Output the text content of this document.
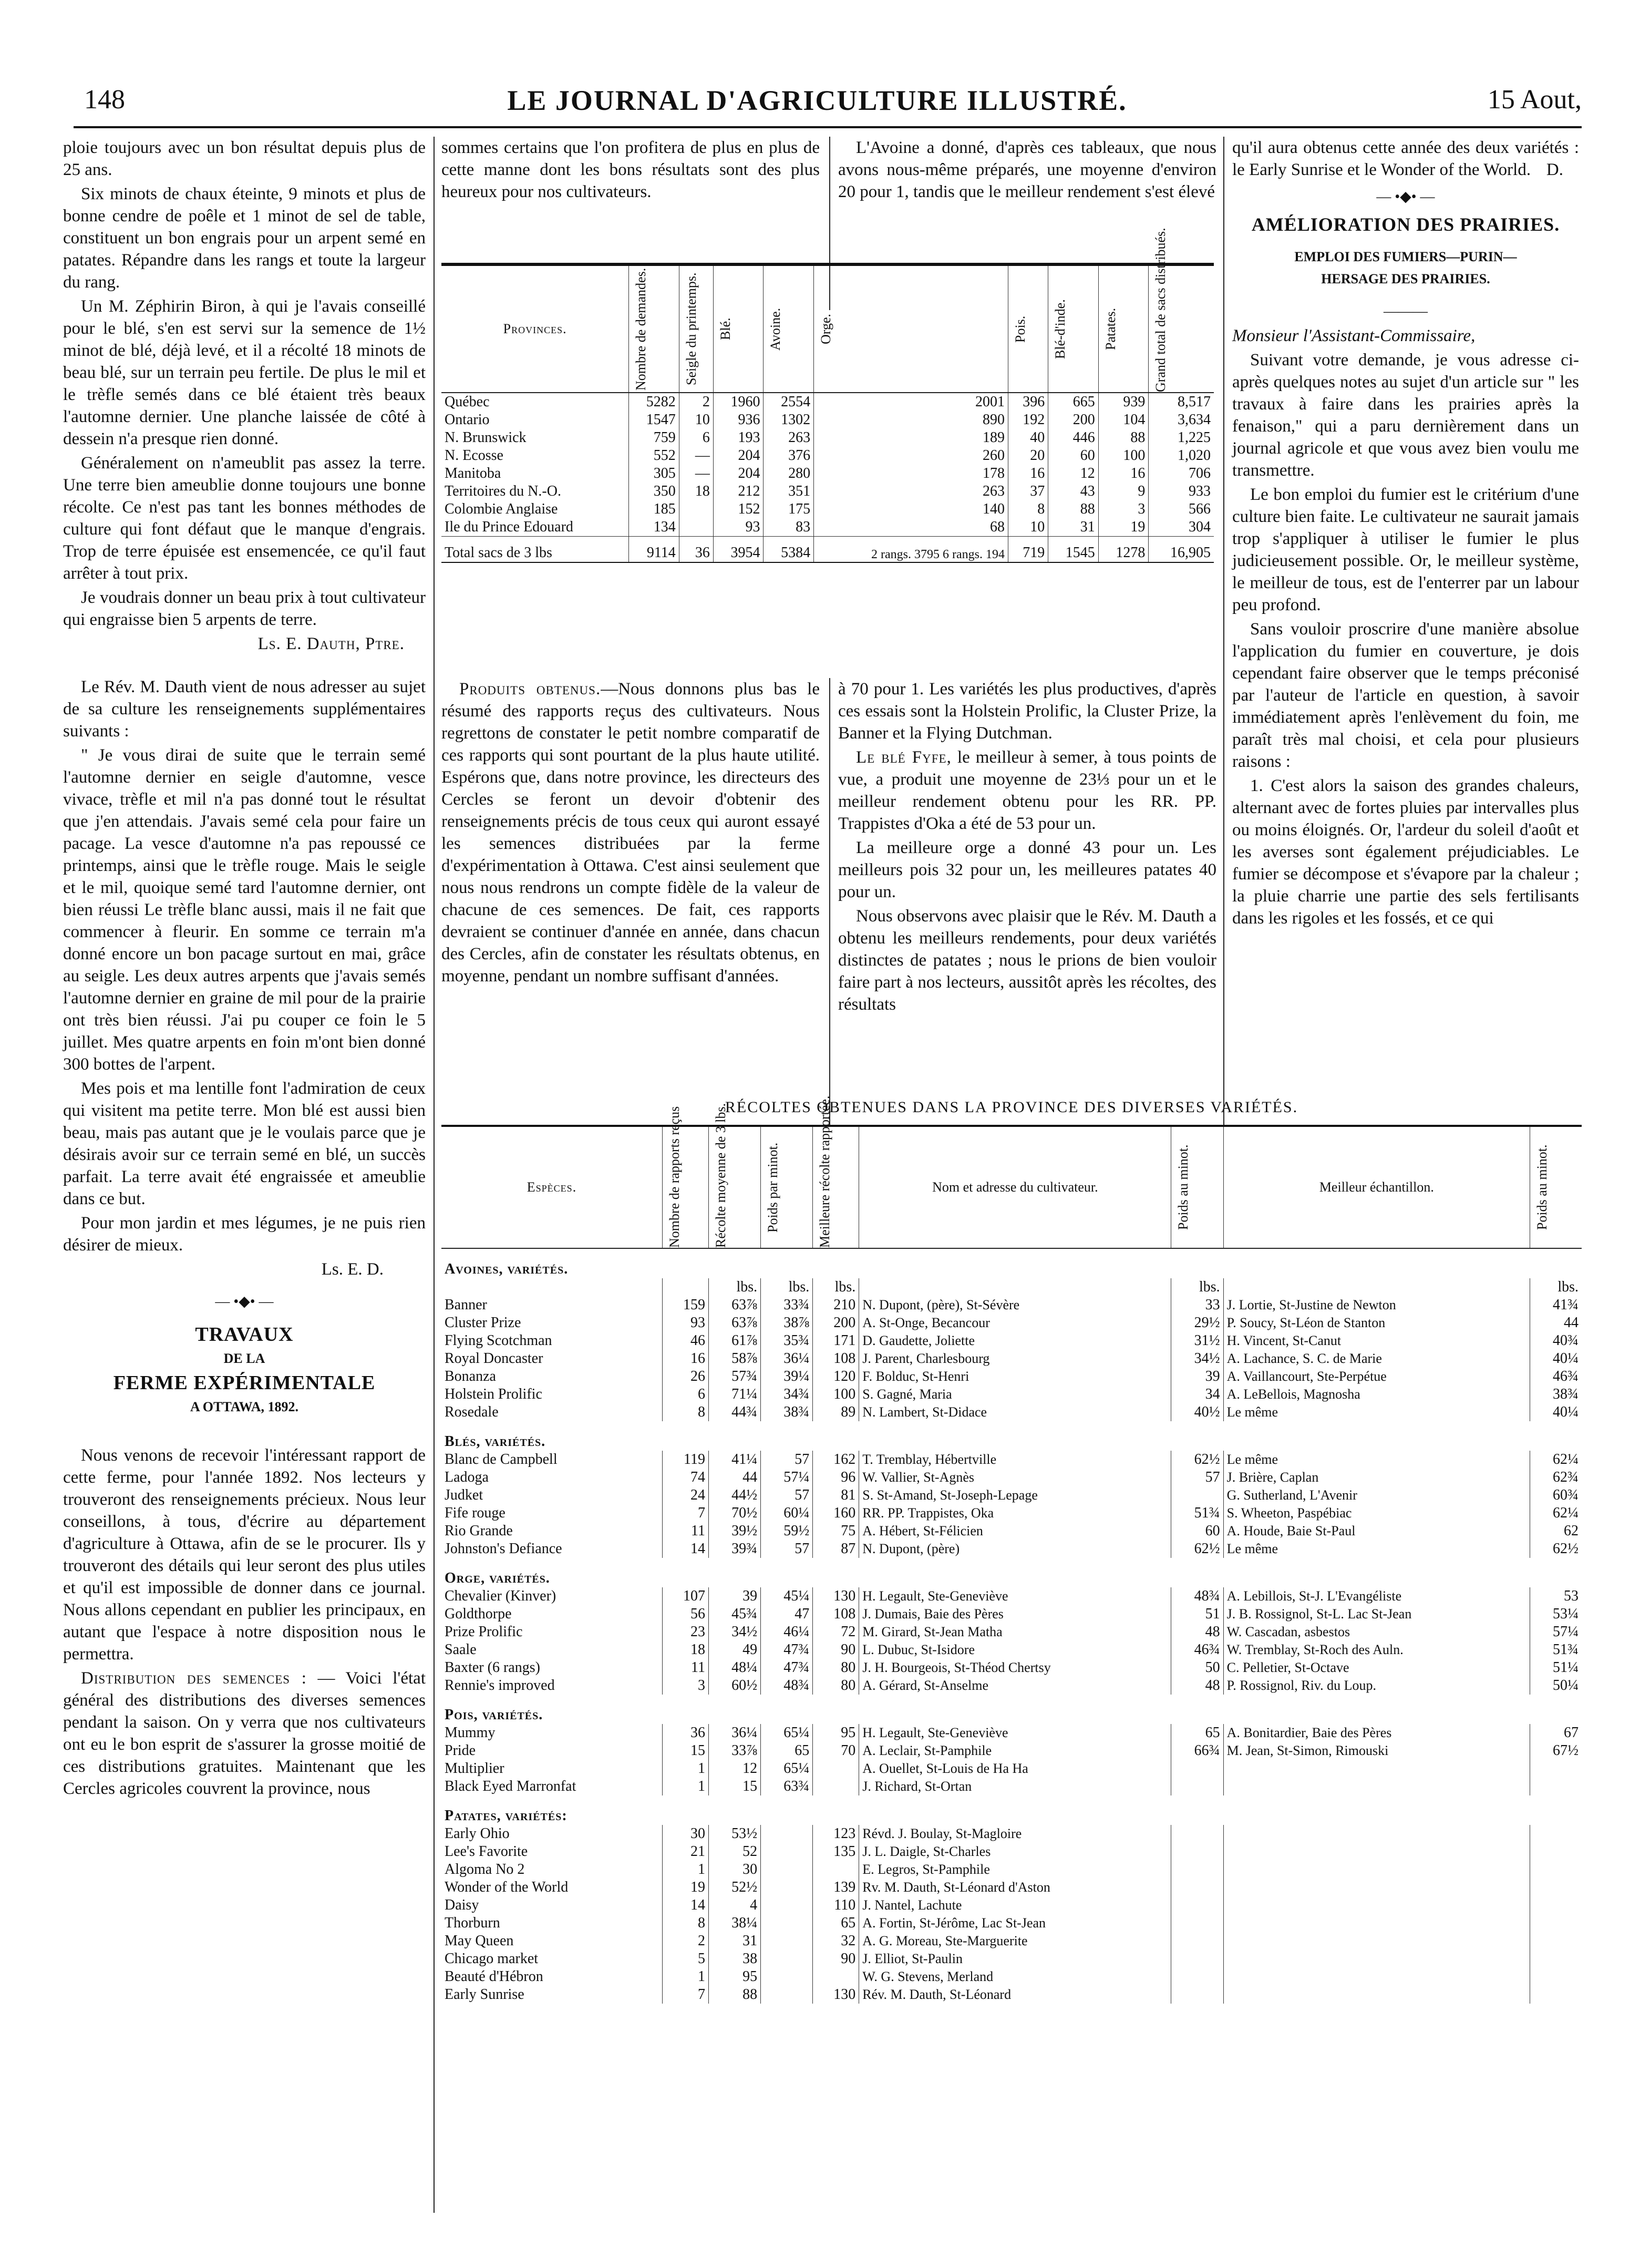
148	LE JOURNAL D'AGRICULTURE ILLUSTRÉ.	15 Aout,

ploie toujours avec un bon résultat depuis plus de 25 ans.

Six minots de chaux éteinte, 9 minots et plus de bonne cendre de poêle et 1 minot de sel de table, constituent un bon engrais pour un arpent semé en patates. Répandre dans les rangs et toute la largeur du rang.

Un M. Zéphirin Biron, à qui je l'avais conseillé pour le blé, s'en est servi sur la semence de 1½ minot de blé, déjà levé, et il a récolté 18 minots de beau blé, sur un terrain peu fertile. De plus le mil et le trèfle semés dans ce blé étaient très beaux l'automne dernier. Une planche laissée de côté à dessein n'a presque rien donné.

Généralement on n'ameublit pas assez la terre. Une terre bien ameublie donne toujours une bonne récolte. Ce n'est pas tant les bonnes méthodes de culture qui font défaut que le manque d'engrais. Trop de terre épuisée est ensemencée, ce qu'il faut arrêter à tout prix.

Je voudrais donner un beau prix à tout cultivateur qui engraisse bien 5 arpents de terre.

Ls. E. Dauth, Ptre.

Le Rév. M. Dauth vient de nous adresser au sujet de sa culture les renseignements supplémentaires suivants :

" Je vous dirai de suite que le terrain semé l'automne dernier en seigle d'automne, vesce vivace, trèfle et mil n'a pas donné tout le résultat que j'en attendais. J'avais semé cela pour faire un pacage. La vesce d'automne n'a pas repoussé ce printemps, ainsi que le trèfle rouge. Mais le seigle et le mil, quoique semé tard l'automne dernier, ont bien réussi Le trèfle blanc aussi, mais il ne fait que commencer à fleurir. En somme ce terrain m'a donné encore un bon pacage surtout en mai, grâce au seigle. Les deux autres arpents que j'avais semés l'automne dernier en graine de mil pour de la prairie ont très bien réussi. J'ai pu couper ce foin le 5 juillet. Mes quatre arpents en foin m'ont bien donné 300 bottes de l'arpent.

Mes pois et ma lentille font l'admiration de ceux qui visitent ma petite terre. Mon blé est aussi bien beau, mais pas autant que je le voulais parce que je désirais avoir sur ce terrain semé en blé, un succès parfait. La terre avait été engraissée et ameublie dans ce but.

Pour mon jardin et mes légumes, je ne puis rien désirer de mieux.

Ls. E. D.

— •◆• —

TRAVAUX

DE LA

FERME EXPÉRIMENTALE

A OTTAWA, 1892.

Nous venons de recevoir l'intéressant rapport de cette ferme, pour l'année 1892. Nos lecteurs y trouveront des renseignements précieux. Nous leur conseillons, à tous, d'écrire au département d'agriculture à Ottawa, afin de se le procurer. Ils y trouveront des détails qui leur seront des plus utiles et qu'il est impossible de donner dans ce journal. Nous allons cependant en publier les principaux, en autant que l'espace à notre disposition nous le permettra.

Distribution des semences : — Voici l'état général des distributions des diverses semences pendant la saison. On y verra que nos cultivateurs ont eu le bon esprit de s'assurer la grosse moitié de ces distributions gratuites. Maintenant que les Cercles agricoles couvrent la province, nous

sommes certains que l'on profitera de plus en plus de cette manne dont les bons résultats sont des plus heureux pour nos cultivateurs.

L'Avoine a donné, d'après ces tableaux, que nous avons nous-même préparés, une moyenne d'environ 20 pour 1, tandis que le meilleur rendement s'est élevé

Provinces.	Nombre de demandes.	Seigle du printemps.	Blé.	Avoine.	Orge.	Pois.	Blé-d'inde.	Patates.	Grand total de sacs distribués.

Québec	5282	2	1960	2554	2001	396	665	939	8,517
Ontario	1547	10	936	1302	890	192	200	104	3,634
N. Brunswick	759	6	193	263	189	40	446	88	1,225
N. Ecosse	552	—	204	376	260	20	60	100	1,020
Manitoba	305	—	204	280	178	16	12	16	706
Territoires du N.-O.	350	18	212	351	263	37	43	9	933
Colombie Anglaise	185		152	175	140	8	88	3	566
Ile du Prince Edouard	134		93	83	68	10	31	19	304
Total sacs de 3 lbs	9114	36	3954	5384	2 rangs. 3795 6 rangs. 194	719	1545	1278	16,905

Produits obtenus.—Nous donnons plus bas le résumé des rapports reçus des cultivateurs. Nous regrettons de constater le petit nombre comparatif de ces rapports qui sont pourtant de la plus haute utilité. Espérons que, dans notre province, les directeurs des Cercles se feront un devoir d'obtenir des renseignements précis de tous ceux qui auront essayé les semences distribuées par la ferme d'expérimentation à Ottawa. C'est ainsi seulement que nous nous rendrons un compte fidèle de la valeur de chacune de ces semences. De fait, ces rapports devraient se continuer d'année en année, dans chacun des Cercles, afin de constater les résultats obtenus, en moyenne, pendant un nombre suffisant d'années.

à 70 pour 1. Les variétés les plus productives, d'après ces essais sont la Holstein Prolific, la Cluster Prize, la Banner et la Flying Dutchman.

Le blé Fyfe, le meilleur à semer, à tous points de vue, a produit une moyenne de 23⅓ pour un et le meilleur rendement obtenu pour les RR. PP. Trappistes d'Oka a été de 53 pour un.

La meilleure orge a donné 43 pour un. Les meilleurs pois 32 pour un, les meilleures patates 40 pour un.

Nous observons avec plaisir que le Rév. M. Dauth a obtenu les meilleurs rendements, pour deux variétés distinctes de patates ; nous le prions de bien vouloir faire part à nos lecteurs, aussitôt après les récoltes, des résultats

qu'il aura obtenus cette année des deux variétés : le Early Sunrise et le Wonder of the World. D.

— •◆• —

AMÉLIORATION DES PRAIRIES.

EMPLOI DES FUMIERS—PURIN—HERSAGE DES PRAIRIES.

———

Monsieur l'Assistant-Commissaire,

Suivant votre demande, je vous adresse ci-après quelques notes au sujet d'un article sur " les travaux à faire dans les prairies après la fenaison," qui a paru dernièrement dans un journal agricole et que vous avez bien voulu me transmettre.

Le bon emploi du fumier est le critérium d'une culture bien faite. Le cultivateur ne saurait jamais trop s'appliquer à utiliser le fumier le plus judicieusement possible. Or, le meilleur système, le meilleur de tous, est de l'enterrer par un labour peu profond.

Sans vouloir proscrire d'une manière absolue l'application du fumier en couverture, je dois cependant faire observer que le temps préconisé par l'auteur de l'article en question, à savoir immédiatement après l'enlèvement du foin, me paraît très mal choisi, et cela pour plusieurs raisons :

1. C'est alors la saison des grandes chaleurs, alternant avec de fortes pluies par intervalles plus ou moins éloignés. Or, l'ardeur du soleil d'août et les averses sont également préjudiciables. Le fumier se décompose et s'évapore par la chaleur ; la pluie charrie une partie des sels fertilisants dans les rigoles et les fossés, et ce qui

RÉCOLTES OBTENUES DANS LA PROVINCE DES DIVERSES VARIÉTÉS.
Espèces.	Nombre de rapports reçus	Récolte moyenne de 3 lbs.	Poids par minot.	Meilleure récolte rapportée.	Nom et adresse du cultivateur.	Poids au minot.	Meilleur échantillon.	Poids au minot.

Avoines, variétés.								
		lbs.	lbs.	lbs.		lbs.		lbs.
Banner	159	63⅞	33¾	210	N. Dupont, (père), St-Sévère	33	J. Lortie, St-Justine de Newton	41¾
Cluster Prize	93	63⅞	38⅞	200	A. St-Onge, Becancour	29½	P. Soucy, St-Léon de Stanton	44
Flying Scotchman	46	61⅞	35¾	171	D. Gaudette, Joliette	31½	H. Vincent, St-Canut	40¾
Royal Doncaster	16	58⅞	36¼	108	J. Parent, Charlesbourg	34½	A. Lachance, S. C. de Marie	40¼
Bonanza	26	57¾	39¼	120	F. Bolduc, St-Henri	39	A. Vaillancourt, Ste-Perpétue	46¾
Holstein Prolific	6	71¼	34¾	100	S. Gagné, Maria	34	A. LeBellois, Magnosha	38¾
Rosedale	8	44¾	38¾	89	N. Lambert, St-Didace	40½	Le même	40¼
Blés, variétés.								
Blanc de Campbell	119	41¼	57	162	T. Tremblay, Hébertville	62½	Le même	62¼
Ladoga	74	44	57¼	96	W. Vallier, St-Agnès	57	J. Brière, Caplan	62¾
Judket	24	44½	57	81	S. St-Amand, St-Joseph-Lepage		G. Sutherland, L'Avenir	60¾
Fife rouge	7	70½	60¼	160	RR. PP. Trappistes, Oka	51¾	S. Wheeton, Paspébiac	62¼
Rio Grande	11	39½	59½	75	A. Hébert, St-Félicien	60	A. Houde, Baie St-Paul	62
Johnston's Defiance	14	39¾	57	87	N. Dupont, (père)	62½	Le même	62½
Orge, variétés.								
Chevalier (Kinver)	107	39	45¼	130	H. Legault, Ste-Geneviève	48¾	A. Lebillois, St-J. L'Evangéliste	53
Goldthorpe	56	45¾	47	108	J. Dumais, Baie des Pères	51	J. B. Rossignol, St-L. Lac St-Jean	53¼
Prize Prolific	23	34½	46¼	72	M. Girard, St-Jean Matha	48	W. Cascadan, asbestos	57¼
Saale	18	49	47¾	90	L. Dubuc, St-Isidore	46¾	W. Tremblay, St-Roch des Auln.	51¾
Baxter (6 rangs)	11	48¼	47¾	80	J. H. Bourgeois, St-Théod Chertsy	50	C. Pelletier, St-Octave	51¼
Rennie's improved	3	60½	48¾	80	A. Gérard, St-Anselme	48	P. Rossignol, Riv. du Loup.	50¼
Pois, variétés.								
Mummy	36	36¼	65¼	95	H. Legault, Ste-Geneviève	65	A. Bonitardier, Baie des Pères	67
Pride	15	33⅞	65	70	A. Leclair, St-Pamphile	66¾	M. Jean, St-Simon, Rimouski	67½
Multiplier	1	12	65¼		A. Ouellet, St-Louis de Ha Ha			
Black Eyed Marronfat	1	15	63¾		J. Richard, St-Ortan			
Patates, variétés:								
Early Ohio	30	53½		123	Révd. J. Boulay, St-Magloire			
Lee's Favorite	21	52		135	J. L. Daigle, St-Charles			
Algoma No 2	1	30			E. Legros, St-Pamphile			
Wonder of the World	19	52½		139	Rv. M. Dauth, St-Léonard d'Aston			
Daisy	14	4		110	J. Nantel, Lachute			
Thorburn	8	38¼		65	A. Fortin, St-Jérôme, Lac St-Jean			
May Queen	2	31		32	A. G. Moreau, Ste-Marguerite			
Chicago market	5	38		90	J. Elliot, St-Paulin			
Beauté d'Hébron	1	95			W. G. Stevens, Merland			
Early Sunrise	7	88		130	Rév. M. Dauth, St-Léonard			
